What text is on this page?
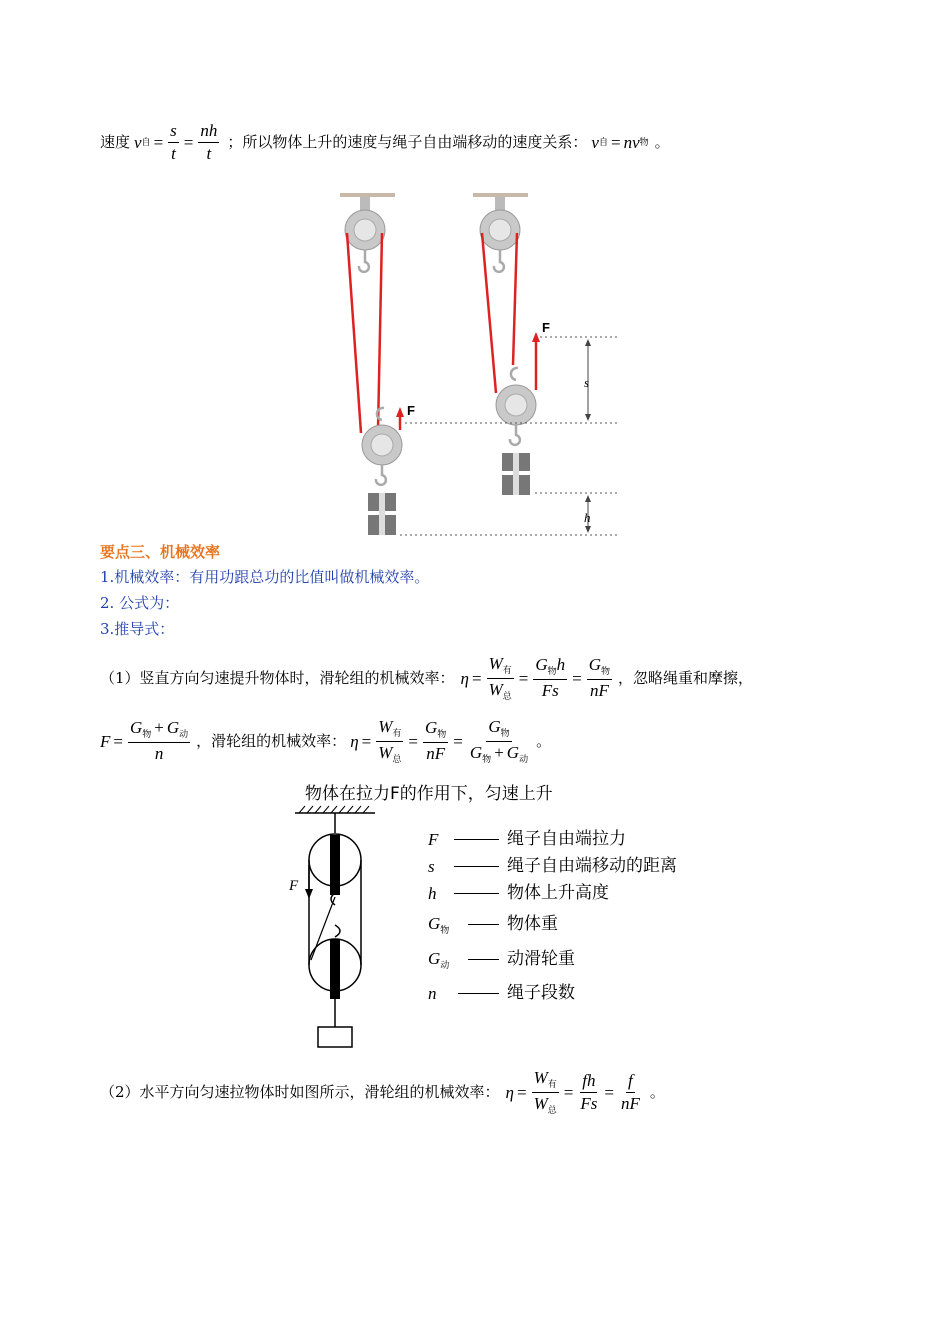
速度 v 自 = $\frac{s}{t} = \frac{nh}{t}$ ；所以物体上升的速度与绳子自由端移动的速度关系： v 自 = nv 物 。
F
F
s
h
要点三、机械效率
1.机械效率：有用功跟总功的比值叫做机械效率。
2. 公式为：
3.推导式：
（1）竖直方向匀速提升物体时，滑轮组的机械效率： $\eta = \frac{W_有}{W_总} = \frac{G_物h}{Fs} = \frac{G_物}{nF}$ ，忽略绳重和摩擦，
$F = \frac{G_物 + G_动}{n}$ ，滑轮组的机械效率： $\eta = \frac{W_有}{W_总} = \frac{G_物}{nF} = \frac{G_物}{G_物 + G_动}$ 。
物体在拉力F的作用下，匀速上升
F
F	绳子自由端拉力
s	绳子自由端移动的距离
h	物体上升高度
$G_物$	物体重
$G_动$	动滑轮重
n	绳子段数
（2）水平方向匀速拉物体时如图所示，滑轮组的机械效率： $\eta = \frac{W_有}{W_总} = \frac{fh}{Fs} = \frac{f}{nF}$ 。
